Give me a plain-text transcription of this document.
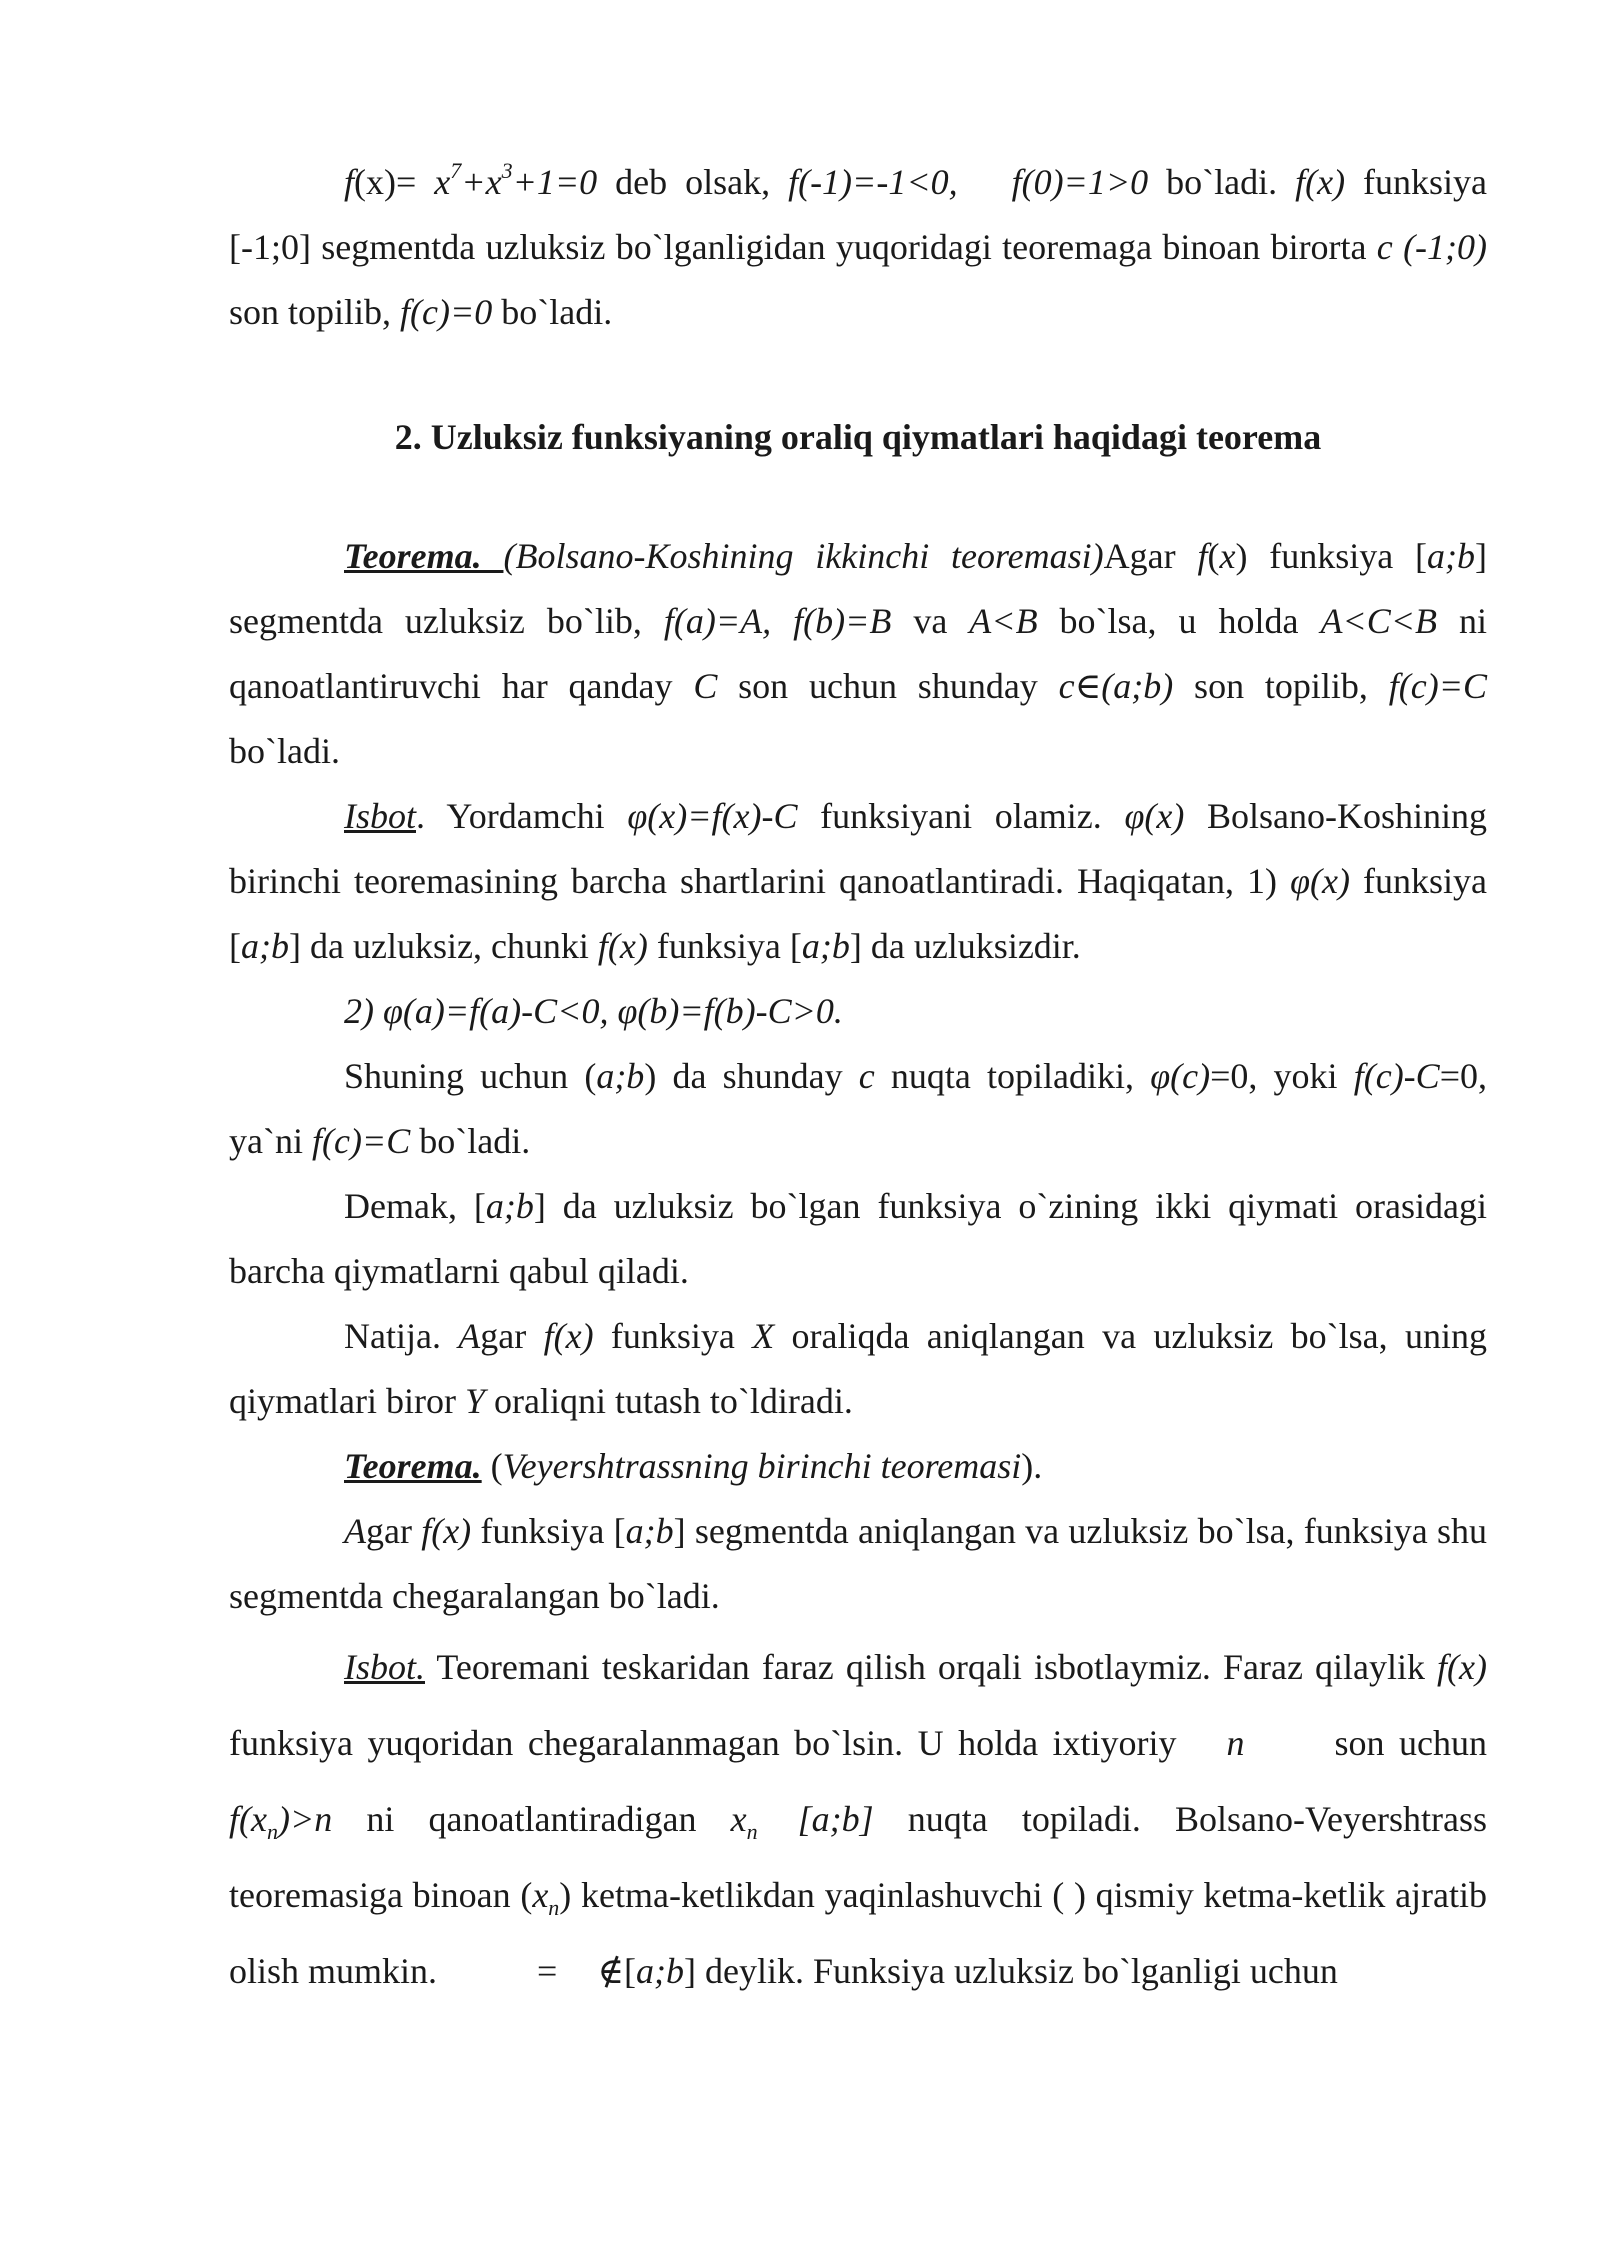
$f(x)= x^7+x^3+1=0$ deb olsak, f(-1)=-1<0, f(0)=1>0 bo`ladi. f(x) funksiya [-1;0] segmentda uzluksiz bo`lganligidan yuqoridagi teoremaga binoan birorta c (-1;0) son topilib, f(c)=0 bo`ladi.

2. Uzluksiz funksiyaning oraliq qiymatlari haqidagi teorema

Teorema. (Bolsano-Koshining ikkinchi teoremasi)Agar f(x) funksiya [a;b] segmentda uzluksiz bo`lib, f(a)=A, f(b)=B va A<B bo`lsa, u holda A<C<B ni qanoatlantiruvchi har qanday C son uchun shunday c∈(a;b) son topilib, f(c)=C bo`ladi.

Isbot. Yordamchi φ(x)=f(x)-C funksiyani olamiz. φ(x) Bolsano-Koshining birinchi teoremasining barcha shartlarini qanoatlantiradi. Haqiqatan, 1) φ(x) funksiya [a;b] da uzluksiz, chunki f(x) funksiya [a;b] da uzluksizdir.

2) φ(a)=f(a)-C<0, φ(b)=f(b)-C>0.

Shuning uchun (a;b) da shunday c nuqta topiladiki, φ(c)=0, yoki f(c)-C=0, ya`ni f(c)=C bo`ladi.

Demak, [a;b] da uzluksiz bo`lgan funksiya o`zining ikki qiymati orasidagi barcha qiymatlarni qabul qiladi.

Natija. Agar f(x) funksiya X oraliqda aniqlangan va uzluksiz bo`lsa, uning qiymatlari biror Y oraliqni tutash to`ldiradi.

Teorema. (Veyershtrassning birinchi teoremasi).

Agar f(x) funksiya [a;b] segmentda aniqlangan va uzluksiz bo`lsa, funksiya shu segmentda chegaralangan bo`ladi.

Isbot. Teoremani teskaridan faraz qilish orqali isbotlaymiz. Faraz qilaylik f(x) funksiya yuqoridan chegaralanmagan bo`lsin. U holda ixtiyoriy n	son uchun $f(x_n)>n$ ni qanoatlantiradigan $x_n$ [a;b] nuqta topiladi. Bolsano-Veyershtrass teoremasiga binoan $(x_n)$ ketma-ketlikdan yaqinlashuvchi ( ) qismiy ketma-ketlik ajratib olish mumkin.	= ∉[a;b] deylik. Funksiya uzluksiz bo`lganligi uchun
